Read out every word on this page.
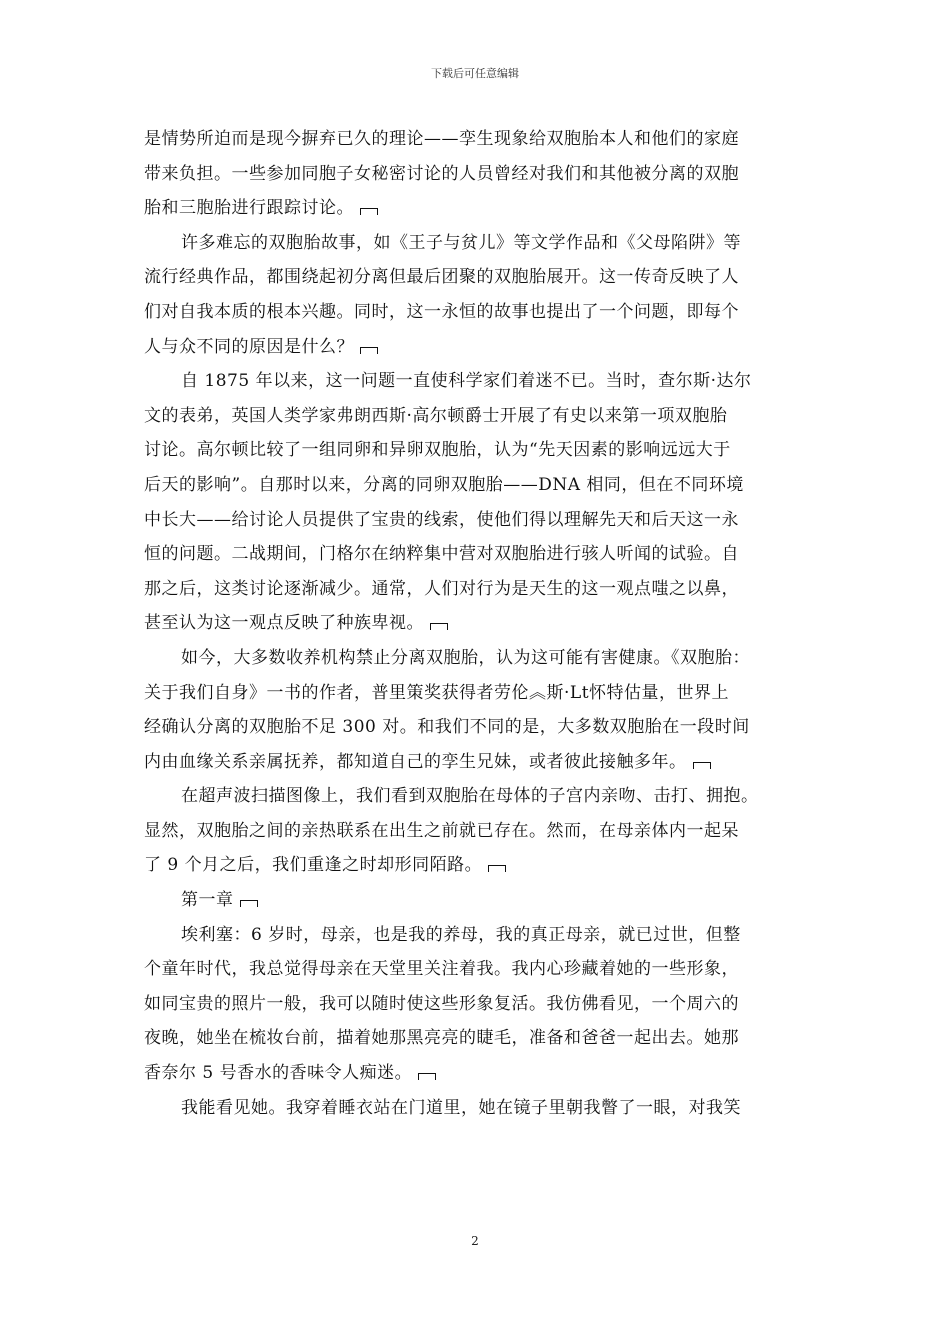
下载后可任意编辑
是情势所迫而是现今摒弃已久的理论——孪生现象给双胞胎本人和他们的家庭
带来负担。一些参加同胞子女秘密讨论的人员曾经对我们和其他被分离的双胞
胎和三胞胎进行跟踪讨论。
许多难忘的双胞胎故事，如《王子与贫儿》等文学作品和《父母陷阱》等
流行经典作品，都围绕起初分离但最后团聚的双胞胎展开。这一传奇反映了人
们对自我本质的根本兴趣。同时，这一永恒的故事也提出了一个问题，即每个
人与众不同的原因是什么？
自 1875 年以来，这一问题一直使科学家们着迷不已。当时，查尔斯·达尔
文的表弟，英国人类学家弗朗西斯·高尔顿爵士开展了有史以来第一项双胞胎
讨论。高尔顿比较了一组同卵和异卵双胞胎，认为“先天因素的影响远远大于
后天的影响”。自那时以来，分离的同卵双胞胎——DNA 相同，但在不同环境
中长大——给讨论人员提供了宝贵的线索，使他们得以理解先天和后天这一永
恒的问题。二战期间，门格尔在纳粹集中营对双胞胎进行骇人听闻的试验。自
那之后，这类讨论逐渐减少。通常，人们对行为是天生的这一观点嗤之以鼻，
甚至认为这一观点反映了种族卑视。
如今，大多数收养机构禁止分离双胞胎，认为这可能有害健康。《双胞胎：
关于我们自身》一书的作者，普里策奖获得者劳伦︽斯·Lt怀特估量，世界上
经确认分离的双胞胎不足 300 对。和我们不同的是，大多数双胞胎在一段时间
内由血缘关系亲属抚养，都知道自己的孪生兄妹，或者彼此接触多年。
在超声波扫描图像上，我们看到双胞胎在母体的子宫内亲吻、击打、拥抱。
显然，双胞胎之间的亲热联系在出生之前就已存在。然而，在母亲体内一起呆
了 9 个月之后，我们重逢之时却形同陌路。
第一章
埃利塞：6 岁时，母亲，也是我的养母，我的真正母亲，就已过世，但整
个童年时代，我总觉得母亲在天堂里关注着我。我内心珍藏着她的一些形象，
如同宝贵的照片一般，我可以随时使这些形象复活。我仿佛看见，一个周六的
夜晚，她坐在梳妆台前，描着她那黑亮亮的睫毛，准备和爸爸一起出去。她那
香奈尔 5 号香水的香味令人痴迷。
我能看见她。我穿着睡衣站在门道里，她在镜子里朝我瞥了一眼，对我笑
2
